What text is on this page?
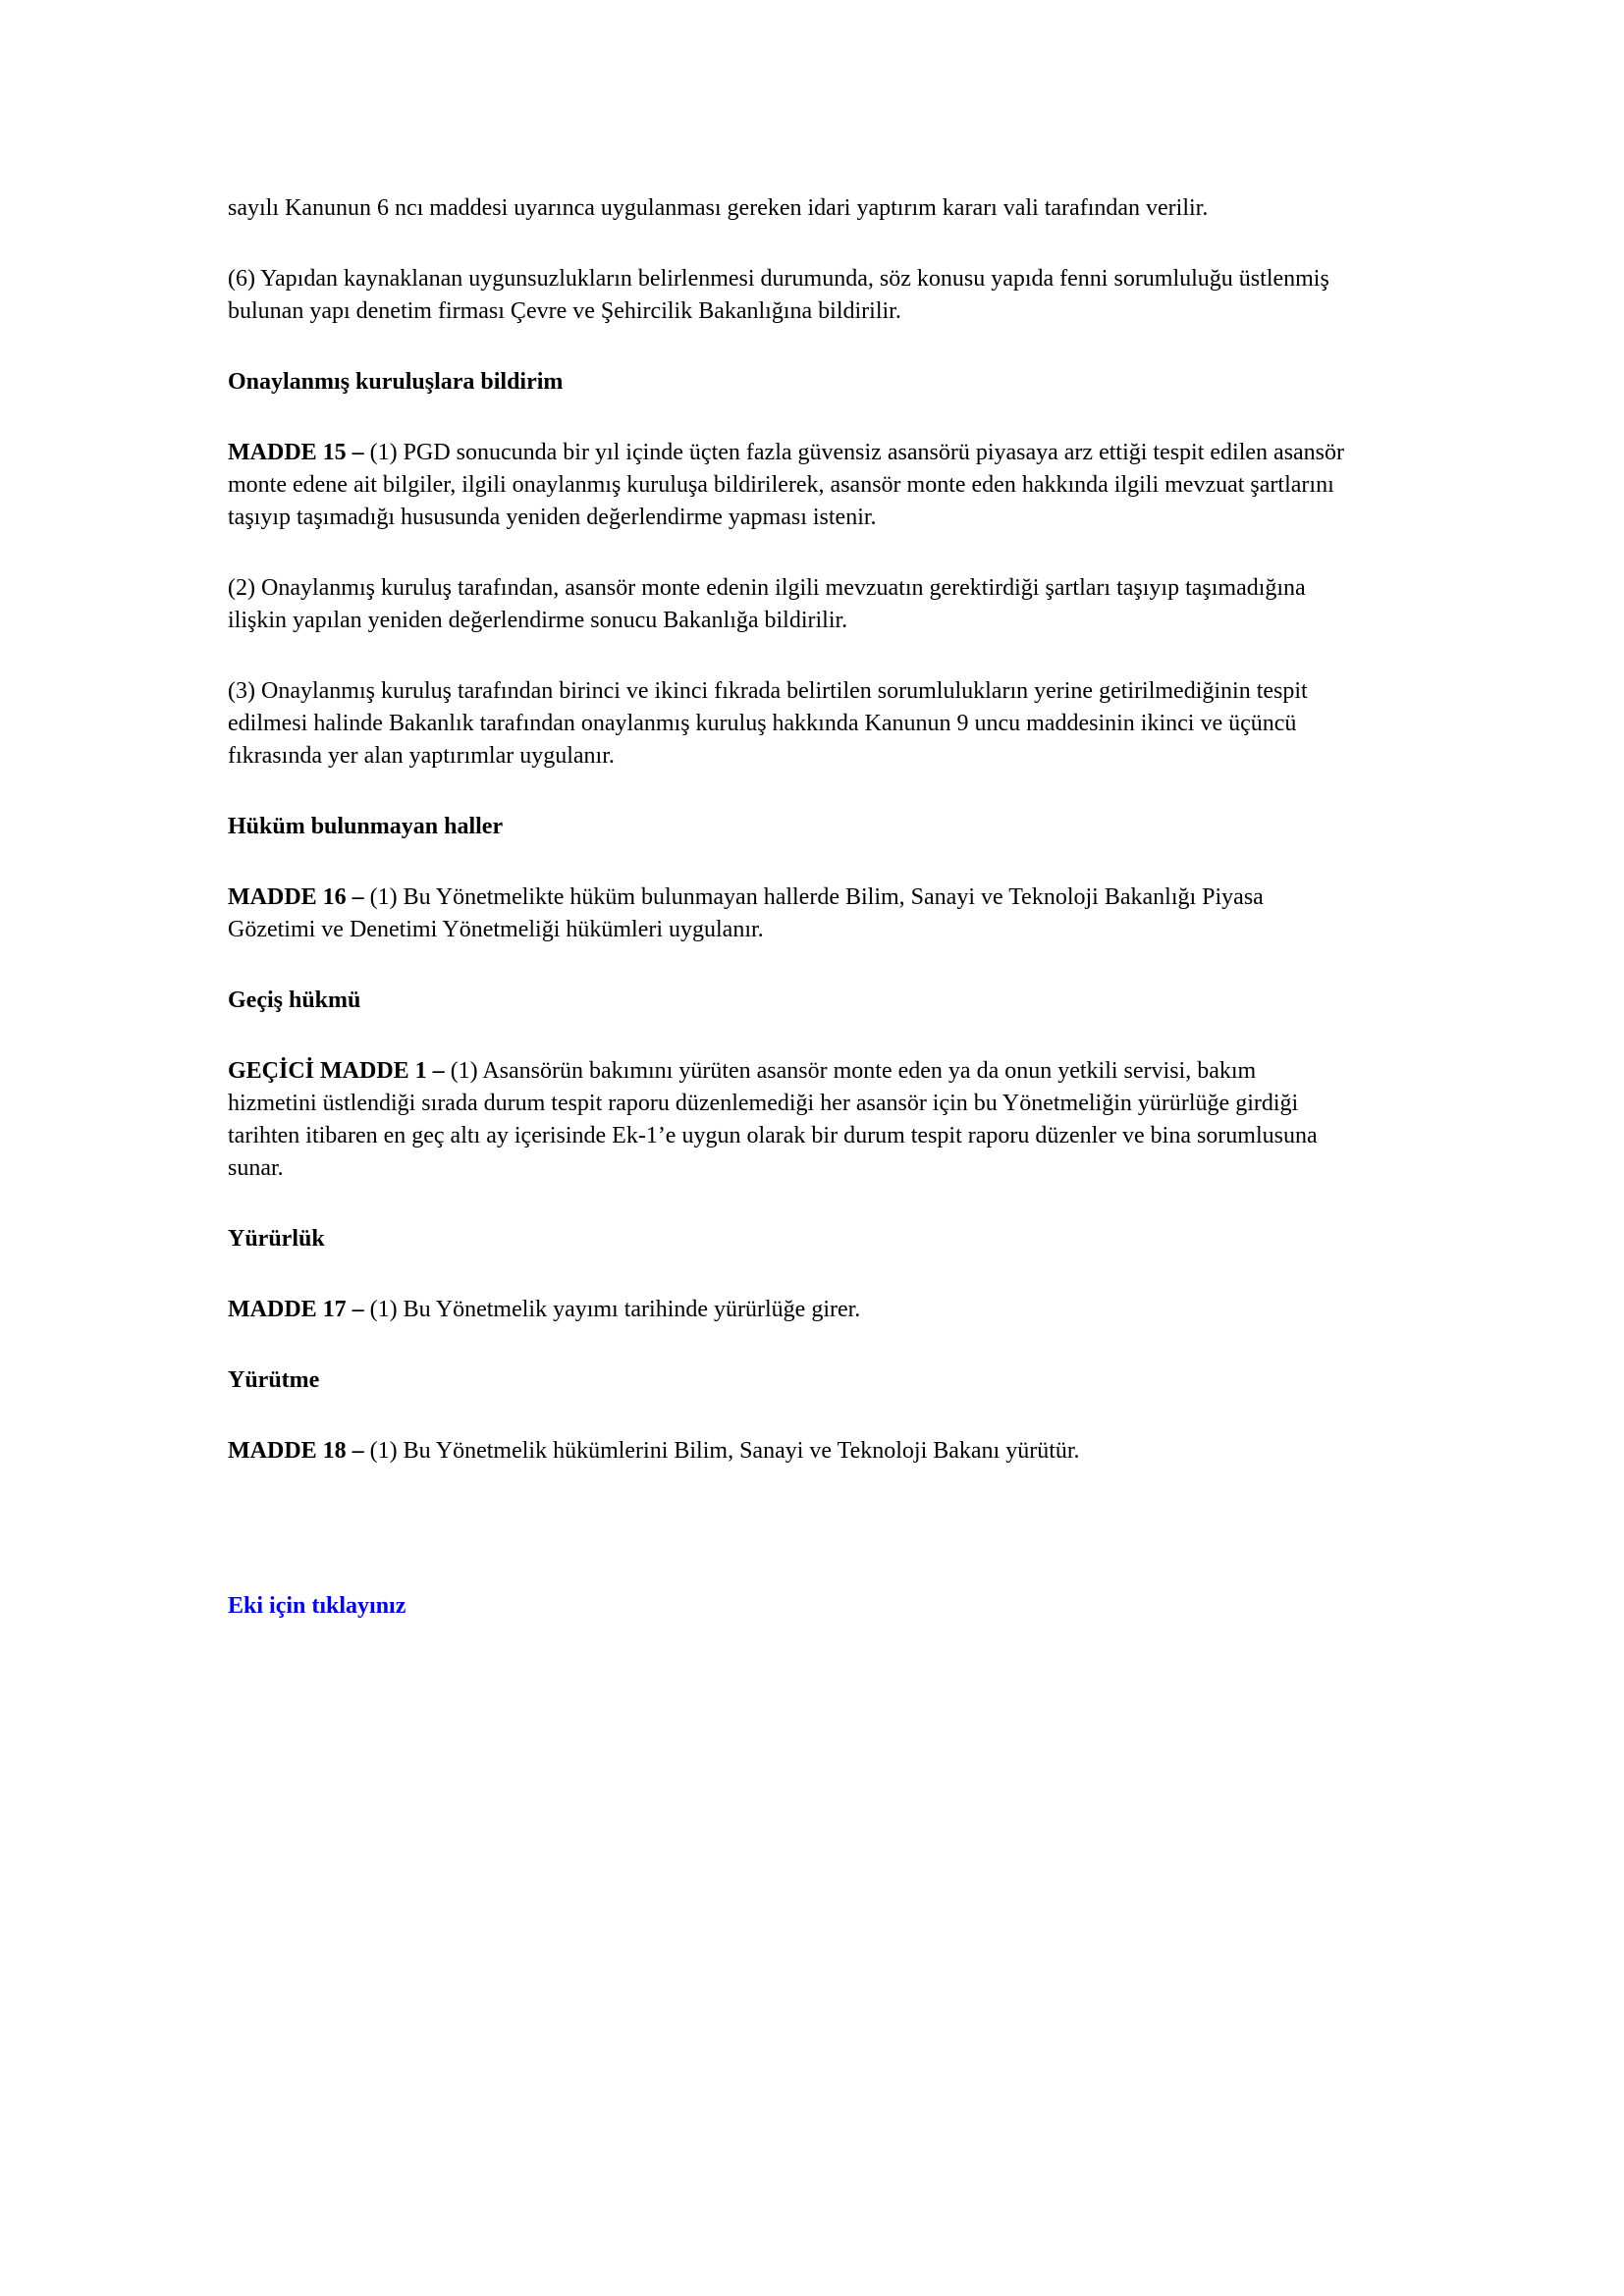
sayılı Kanunun 6 ncı maddesi uyarınca uygulanması gereken idari yaptırım kararı vali tarafından verilir.

(6) Yapıdan kaynaklanan uygunsuzlukların belirlenmesi durumunda, söz konusu yapıda fenni sorumluluğu üstlenmiş
bulunan yapı denetim firması Çevre ve Şehircilik Bakanlığına bildirilir.

Onaylanmış kuruluşlara bildirim

MADDE 15 – (1) PGD sonucunda bir yıl içinde üçten fazla güvensiz asansörü piyasaya arz ettiği tespit edilen asansör
monte edene ait bilgiler, ilgili onaylanmış kuruluşa bildirilerek, asansör monte eden hakkında ilgili mevzuat şartlarını
taşıyıp taşımadığı hususunda yeniden değerlendirme yapması istenir.

(2) Onaylanmış kuruluş tarafından, asansör monte edenin ilgili mevzuatın gerektirdiği şartları taşıyıp taşımadığına
ilişkin yapılan yeniden değerlendirme sonucu Bakanlığa bildirilir.

(3) Onaylanmış kuruluş tarafından birinci ve ikinci fıkrada belirtilen sorumlulukların yerine getirilmediğinin tespit
edilmesi halinde Bakanlık tarafından onaylanmış kuruluş hakkında Kanunun 9 uncu maddesinin ikinci ve üçüncü
fıkrasında yer alan yaptırımlar uygulanır.

Hüküm bulunmayan haller

MADDE 16 – (1) Bu Yönetmelikte hüküm bulunmayan hallerde Bilim, Sanayi ve Teknoloji Bakanlığı Piyasa
Gözetimi ve Denetimi Yönetmeliği hükümleri uygulanır.

Geçiş hükmü

GEÇİCİ MADDE 1 – (1) Asansörün bakımını yürüten asansör monte eden ya da onun yetkili servisi, bakım
hizmetini üstlendiği sırada durum tespit raporu düzenlemediği her asansör için bu Yönetmeliğin yürürlüğe girdiği
tarihten itibaren en geç altı ay içerisinde Ek-1’e uygun olarak bir durum tespit raporu düzenler ve bina sorumlusuna
sunar.

Yürürlük

MADDE 17 – (1) Bu Yönetmelik yayımı tarihinde yürürlüğe girer.

Yürütme

MADDE 18 – (1) Bu Yönetmelik hükümlerini Bilim, Sanayi ve Teknoloji Bakanı yürütür.

Eki için tıklayınız
